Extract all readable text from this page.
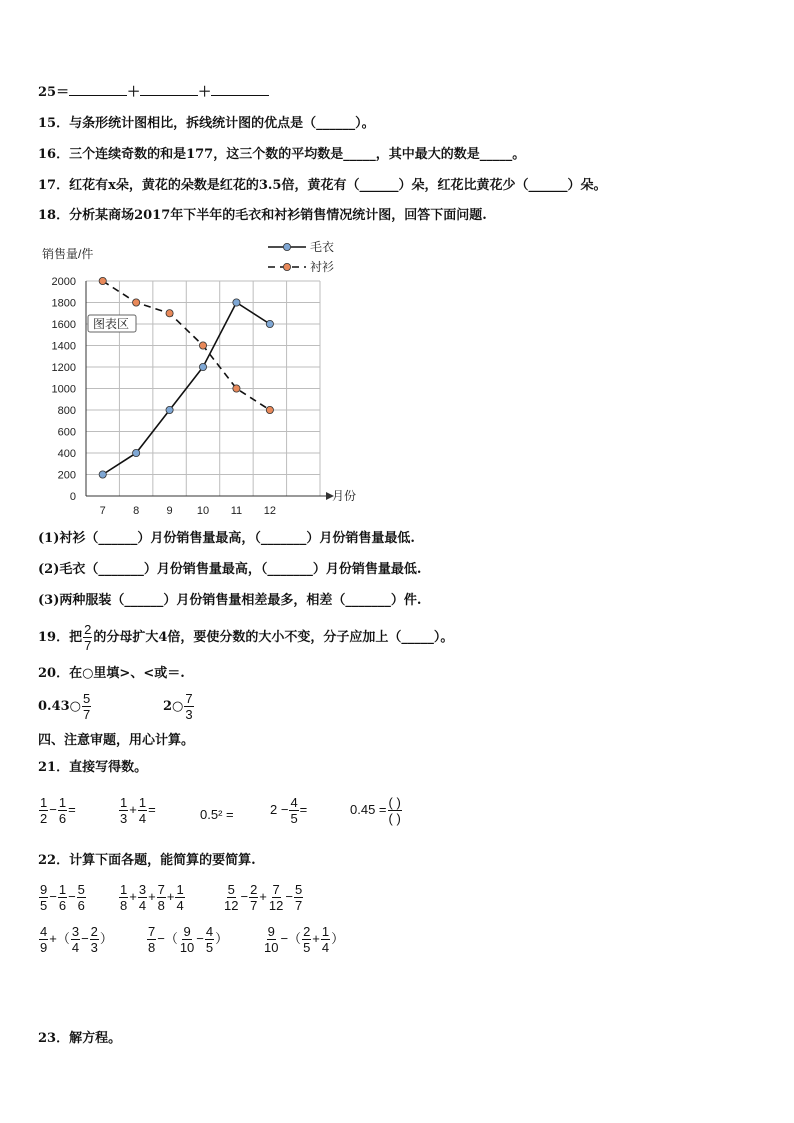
25＝	＋	＋
15．与条形统计图相比，拆线统计图的优点是（______）。
16．三个连续奇数的和是177，这三个数的平均数是_____，其中最大的数是_____。
17．红花有x朵，黄花的朵数是红花的3.5倍，黄花有（______）朵，红花比黄花少（______）朵。
18．分析某商场2017年下半年的毛衣和衬衫销售情况统计图，回答下面问题.
0
200
400
600
800
1000
1200
1400
1600
1800
2000
7 8 9 10 11 12
毛衣
衬衫
销售量/件
月份
图表区
(1)衬衫（______）月份销售量最高，（_______）月份销售量最低.
(2)毛衣（_______）月份销售量最高，（_______）月份销售量最低.
(3)两种服装（______）月份销售量相差最多，相差（_______）件.
19．把 $\frac{2}{7}$ 的分母扩大4倍，要使分数的大小不变，分子应加上（_____）。
20．在○里填>、<或＝.
0.43○ $\frac{5}{7}$	2○ $\frac{7}{3}$
四、注意审题，用心计算。
21．直接写得数。
$\frac{1}{2} - \frac{1}{6}$ =	$\frac{1}{3} + \frac{1}{4}$ =	0.5² =	$2 - \frac{4}{5}$ =	$0.45 = \frac{( )}{( )}$
22．计算下面各题，能简算的要简算.
$\frac{9}{5} - \frac{1}{6} - \frac{5}{6}$	$\frac{1}{8} + \frac{3}{4} + \frac{7}{8} + \frac{1}{4}$	$\frac{5}{12} - \frac{2}{7} + \frac{7}{12} - \frac{5}{7}$
$\frac{4}{9}$ +（ $\frac{3}{4} - \frac{2}{3}$ ）	$\frac{7}{8}$ −（ $\frac{9}{10} - \frac{4}{5}$ ）	$\frac{9}{10}$ −（ $\frac{2}{5} + \frac{1}{4}$ ）
23．解方程。
